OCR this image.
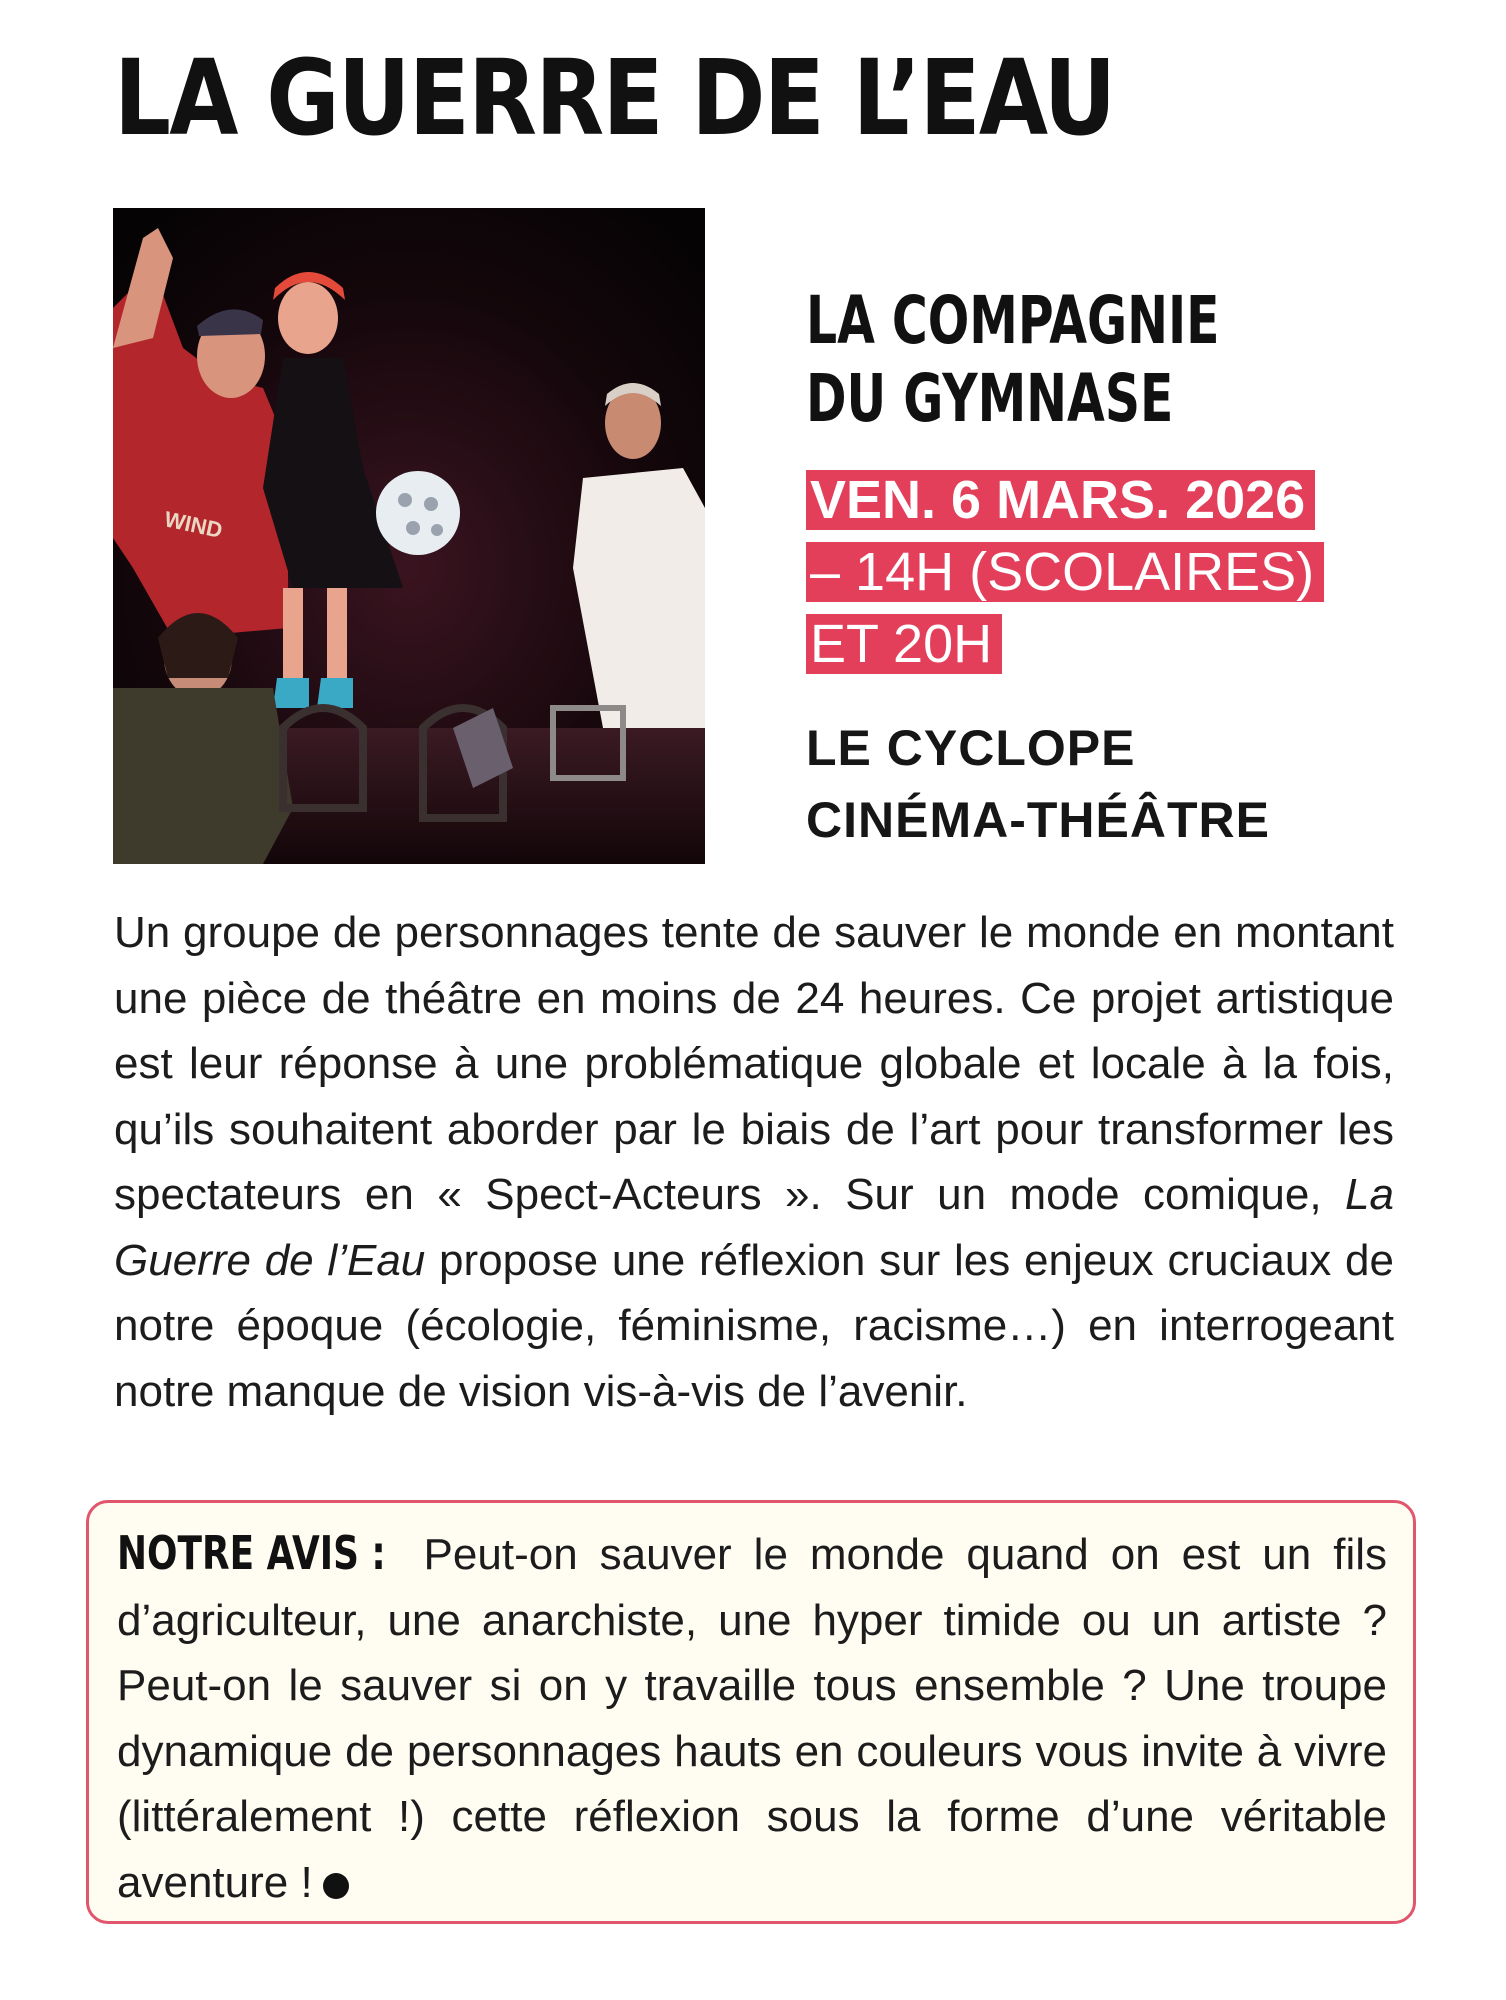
LA GUERRE DE L’EAU
WIND
LA COMPAGNIE
DU GYMNASE
VEN. 6 MARS. 2026
– 14H (SCOLAIRES)
ET 20H
LE CYCLOPE
CINÉMA-THÉÂTRE
Un groupe de personnages tente de sauver le monde en montant une pièce de théâtre en moins de 24 heures. Ce projet artistique est leur réponse à une problématique globale et locale à la fois, qu’ils souhaitent aborder par le biais de l’art pour transformer les spectateurs en « Spect-Acteurs ». Sur un mode comique, La Guerre de l’Eau propose une réflexion sur les enjeux cruciaux de notre époque (écologie, féminisme, racisme…) en interrogeant notre manque de vision vis-à-vis de l’avenir.
NOTRE AVIS : Peut-on sauver le monde quand on est un fils d’agriculteur, une anarchiste, une hyper timide ou un artiste ? Peut-on le sauver si on y travaille tous ensemble ? Une troupe dynamique de personnages hauts en couleurs vous invite à vivre (littéralement !) cette réflexion sous la forme d’une véritable aventure !
